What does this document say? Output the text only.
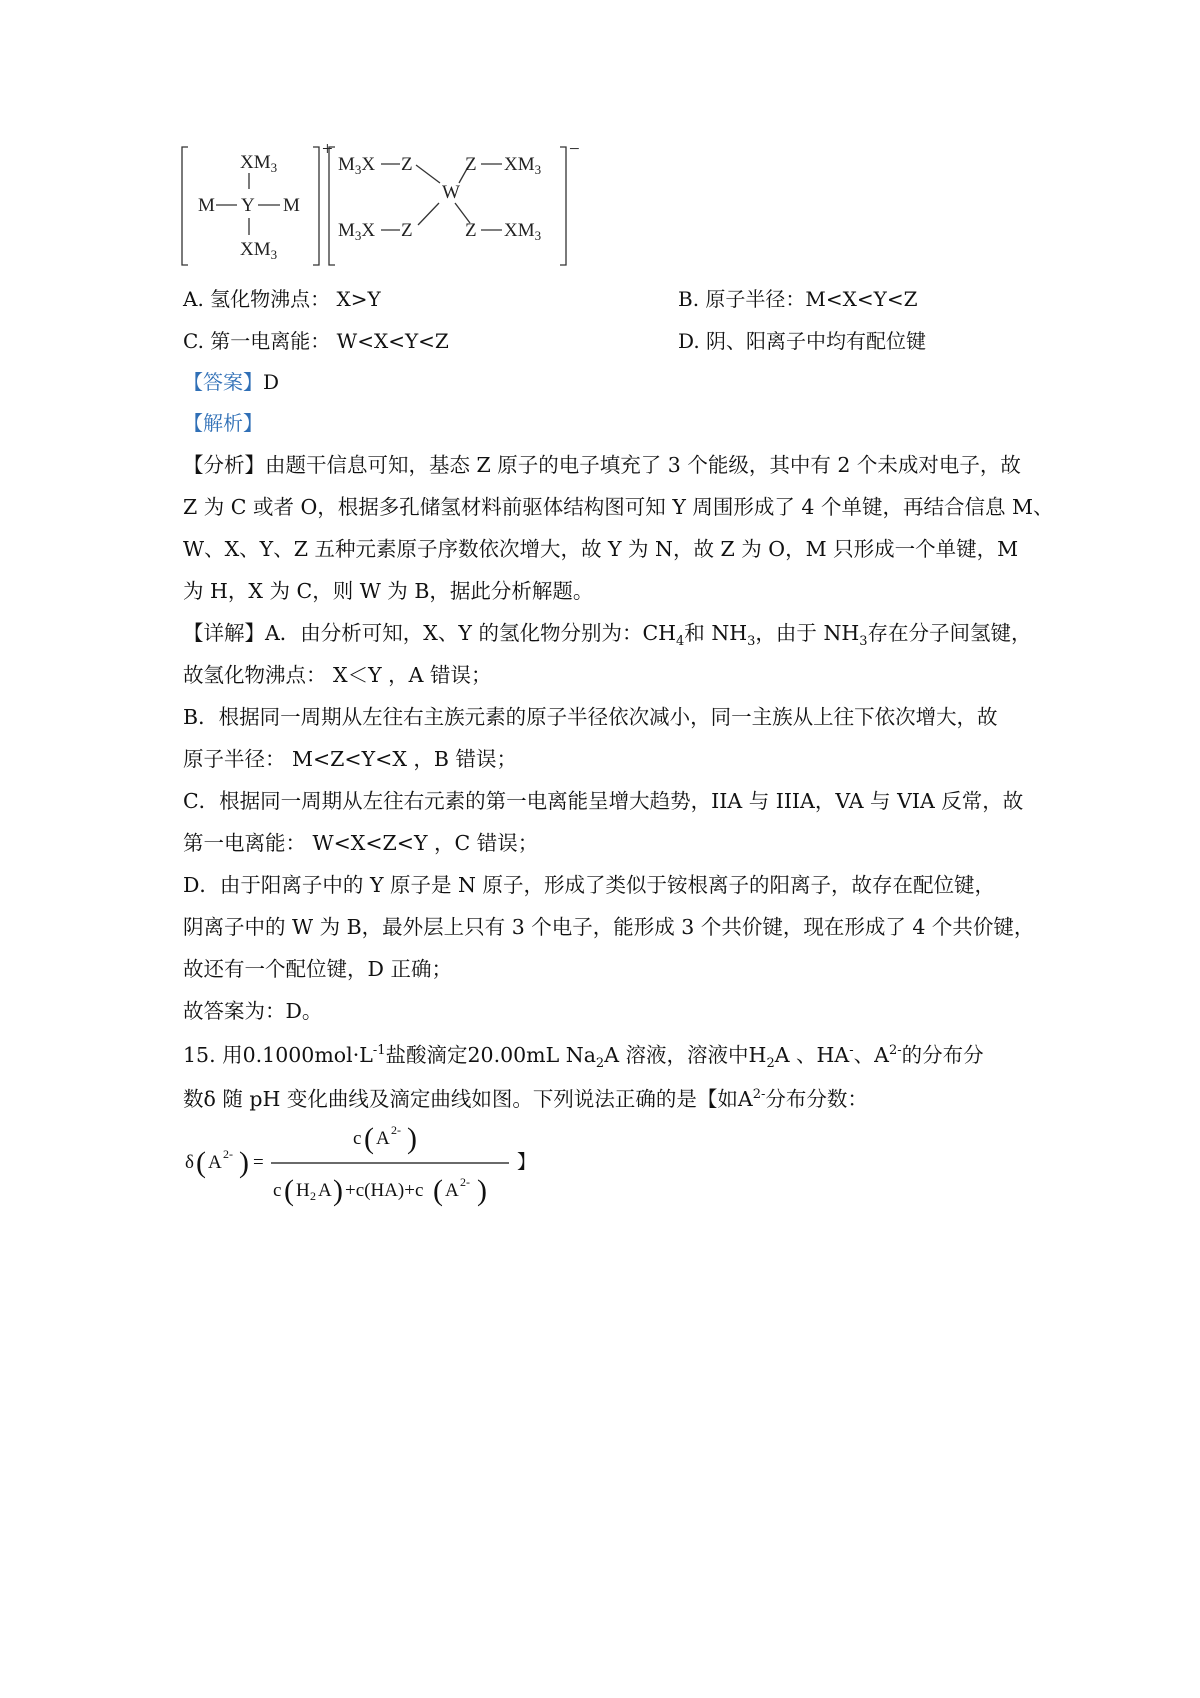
$XM_3$
M Y M
$XM_3$
+
$M_3X$ Z	Z $XM_3$
W
$M_3X$ Z	Z $XM_3$
−
A. 氢化物沸点： X>Y	B. 原子半径：M<X<Y<Z
C. 第一电离能： W<X<Y<Z	D. 阴、阳离子中均有配位键
【答案】D
【解析】

【分析】由题干信息可知，基态 Z 原子的电子填充了 3 个能级，其中有 2 个未成对电子，故

Z 为 C 或者 O，根据多孔储氢材料前驱体结构图可知 Y 周围形成了 4 个单键，再结合信息 M、

W、X、Y、Z 五种元素原子序数依次增大，故 Y 为 N，故 Z 为 O，M 只形成一个单键，M

为 H，X 为 C，则 W 为 B，据此分析解题。

【详解】A．由分析可知，X、Y 的氢化物分别为：$CH_4$和 $NH_3$，由于 $NH_3$存在分子间氢键，

故氢化物沸点： X＜Y ，A 错误；

B．根据同一周期从左往右主族元素的原子半径依次减小，同一主族从上往下依次增大，故

原子半径： M<Z<Y<X ，B 错误；

C．根据同一周期从左往右元素的第一电离能呈增大趋势，IIA 与 IIIA，VA 与 VIA 反常，故

第一电离能： W<X<Z<Y ，C 错误；

D．由于阳离子中的 Y 原子是 N 原子，形成了类似于铵根离子的阳离子，故存在配位键，

阴离子中的 W 为 B，最外层上只有 3 个电子，能形成 3 个共价键，现在形成了 4 个共价键，

故还有一个配位键，D 正确；

故答案为：D。

15. 用$0.1000mol\cdot L^{-1}$盐酸滴定20.00mL $Na_2A$ 溶液，溶液中$H_2A$ 、HA-、$A^{2-}$的分布分

数δ 随 pH 变化曲线及滴定曲线如图。下列说法正确的是【如$A^{2-}$分布分数：

δ ( A 2- ) =
c ( A 2- )
c ( H 2 A ) +c(HA)+c ( A 2- )
】
